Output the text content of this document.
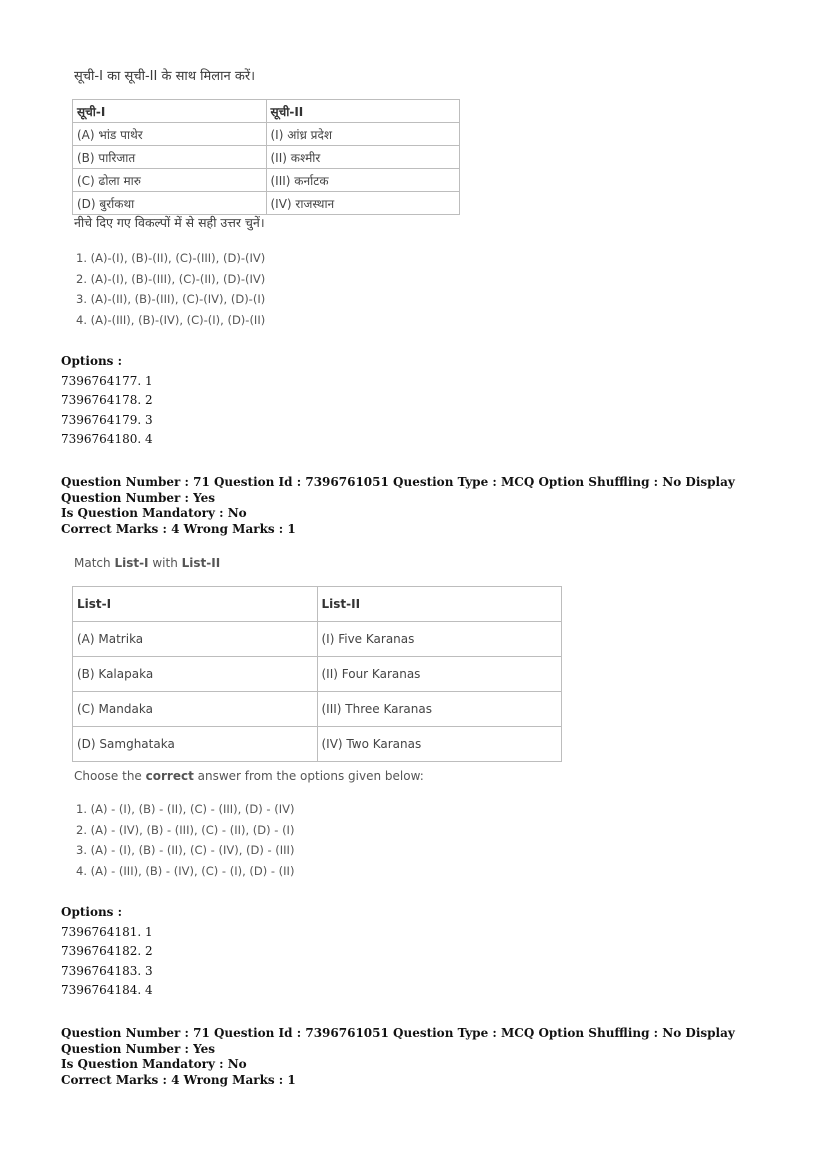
सूची-I का सूची-II के साथ मिलान करें।
सूची-I	सूची-II
(A) भांड पाथेर	(I) आंध्र प्रदेश
(B) पारिजात	(II) कश्मीर
(C) ढोला मारु	(III) कर्नाटक
(D) बुर्राकथा	(IV) राजस्थान
नीचे दिए गए विकल्पों में से सही उत्तर चुनें।
1. (A)-(I), (B)-(II), (C)-(III), (D)-(IV)
2. (A)-(I), (B)-(III), (C)-(II), (D)-(IV)
3. (A)-(II), (B)-(III), (C)-(IV), (D)-(I)
4. (A)-(III), (B)-(IV), (C)-(I), (D)-(II)
Options :
7396764177. 1
7396764178. 2
7396764179. 3
7396764180. 4
Question Number : 71 Question Id : 7396761051 Question Type : MCQ Option Shuffling : No Display Question Number : Yes
Is Question Mandatory : No
Correct Marks : 4 Wrong Marks : 1
Match List-I with List-II
List-I	List-II
(A) Matrika	(I) Five Karanas
(B) Kalapaka	(II) Four Karanas
(C) Mandaka	(III) Three Karanas
(D) Samghataka	(IV) Two Karanas
Choose the correct answer from the options given below:
1. (A) - (I), (B) - (II), (C) - (III), (D) - (IV)
2. (A) - (IV), (B) - (III), (C) - (II), (D) - (I)
3. (A) - (I), (B) - (II), (C) - (IV), (D) - (III)
4. (A) - (III), (B) - (IV), (C) - (I), (D) - (II)
Options :
7396764181. 1
7396764182. 2
7396764183. 3
7396764184. 4
Question Number : 71 Question Id : 7396761051 Question Type : MCQ Option Shuffling : No Display Question Number : Yes
Is Question Mandatory : No
Correct Marks : 4 Wrong Marks : 1
